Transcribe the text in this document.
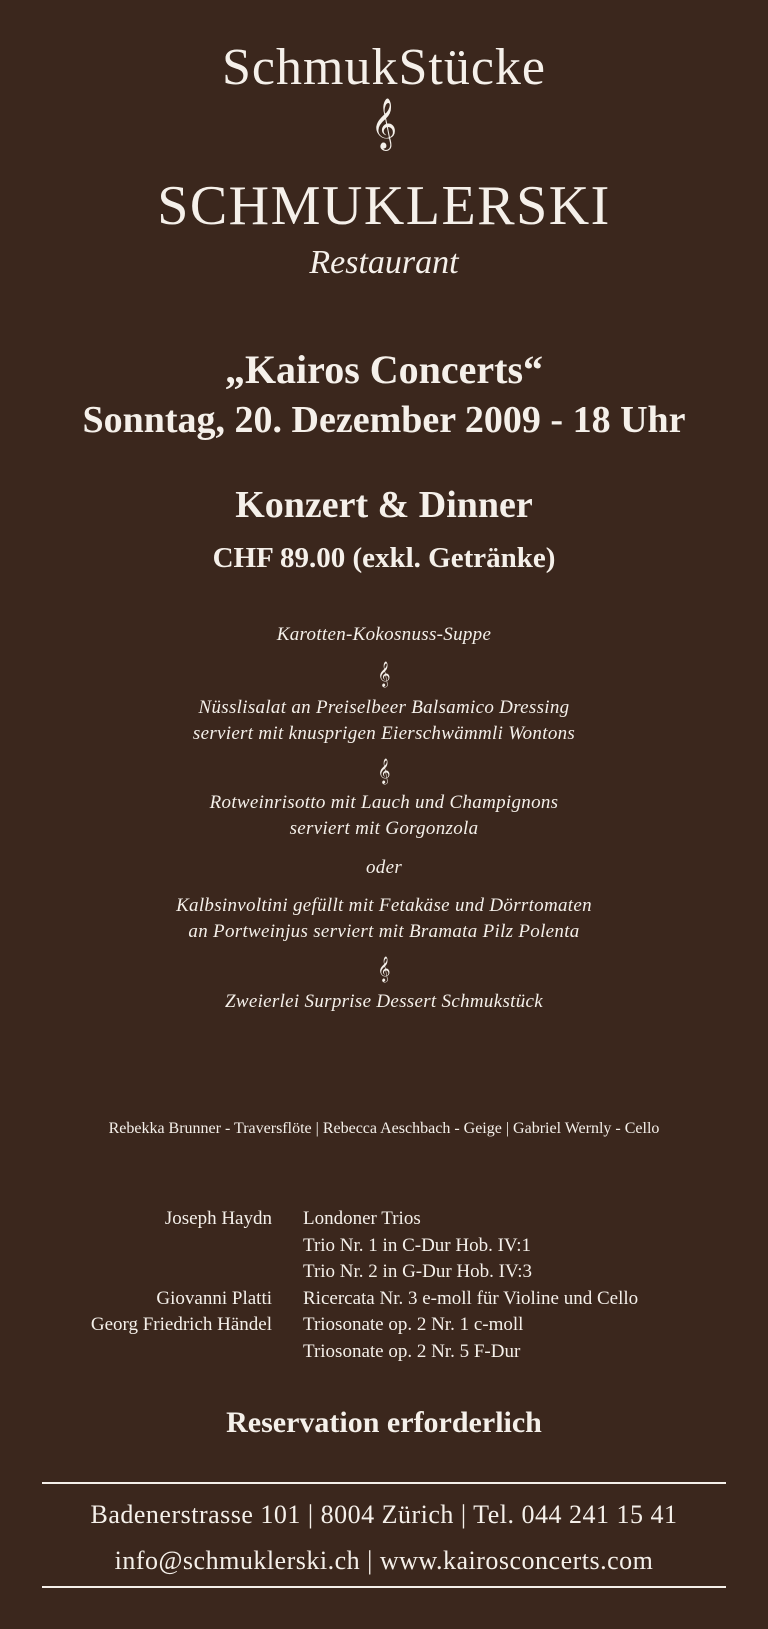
SchmukStücke
𝄞
SCHMUKLERSKI
Restaurant
„Kairos Concerts“
Sonntag, 20. Dezember 2009 - 18 Uhr
Konzert & Dinner
CHF 89.00 (exkl. Getränke)
Karotten-Kokosnuss-Suppe
𝄞
Nüsslisalat an Preiselbeer Balsamico Dressing
serviert mit knusprigen Eierschwämmli Wontons
𝄞
Rotweinrisotto mit Lauch und Champignons
serviert mit Gorgonzola
oder
Kalbsinvoltini gefüllt mit Fetakäse und Dörrtomaten
an Portweinjus serviert mit Bramata Pilz Polenta
𝄞
Zweierlei Surprise Dessert Schmukstück
Rebekka Brunner - Traversflöte | Rebecca Aeschbach - Geige | Gabriel Wernly - Cello
Joseph Haydn Londoner Trios
Trio Nr. 1 in C-Dur Hob. IV:1
Trio Nr. 2 in G-Dur Hob. IV:3
Giovanni Platti Ricercata Nr. 3 e-moll für Violine und Cello
Georg Friedrich Händel Triosonate op. 2 Nr. 1 c-moll
Triosonate op. 2 Nr. 5 F-Dur
Reservation erforderlich
Badenerstrasse 101 | 8004 Zürich | Tel. 044 241 15 41
info@schmuklerski.ch | www.kairosconcerts.com
